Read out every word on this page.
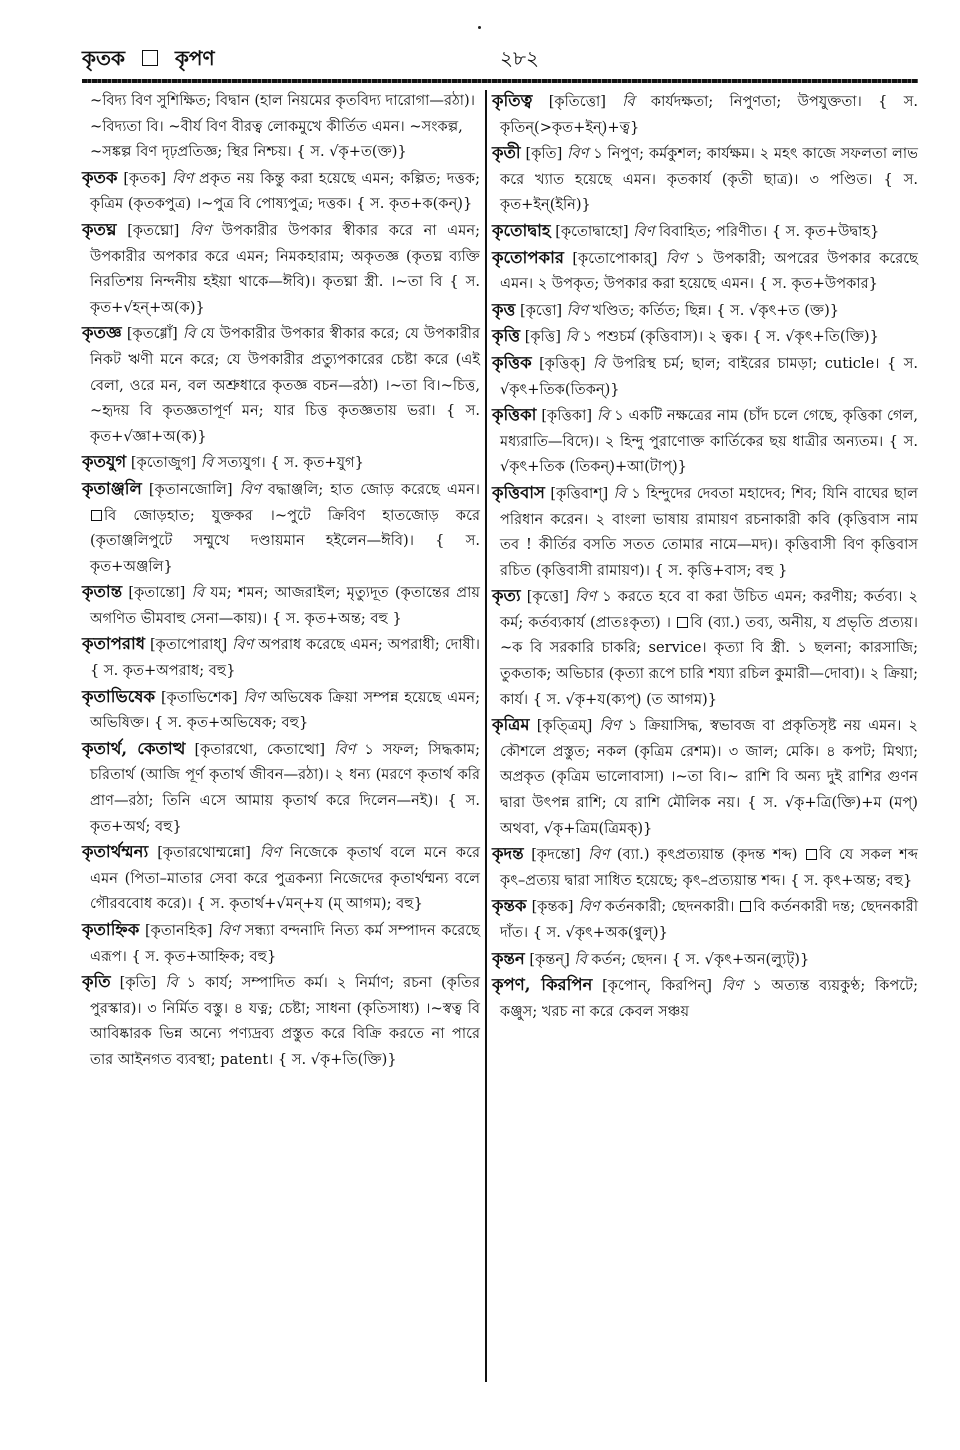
কৃতক কৃপণ	২৮২

~বিদ্য বিণ সুশিক্ষিত; বিদ্বান (হাল নিয়মের কৃতবিদ্য দারোগা—রঠা)। ~বিদ্যতা বি। ~বীর্য বিণ বীরত্ব লোকমুখে কীর্তিত এমন। ~সংকল্প, ~সঙ্কল্প বিণ দৃঢ়প্রতিজ্ঞ; স্থির নিশ্চয়। { স. √কৃ+ত(ক্ত)}

কৃতক [কৃতক] বিণ প্রকৃত নয় কিন্তু করা হয়েছে এমন; কল্পিত; দত্তক; কৃত্রিম (কৃতকপুত্র) ।~পুত্র বি পোষ্যপুত্র; দত্তক। { স. কৃত+ক(কন্)}

কৃতঘ্ন [কৃতঘ্নো] বিণ উপকারীর উপকার স্বীকার করে না এমন; উপকারীর অপকার করে এমন; নিমকহারাম; অকৃতজ্ঞ (কৃতঘ্ন ব্যক্তি নিরতিশয় নিন্দনীয় হইয়া থাকে—ঈবি)। কৃতঘ্না স্ত্রী. ।~তা বি { স. কৃত+√হন্+অ(ক)}

কৃতজ্ঞ [কৃতগ্গোঁ] বি যে উপকারীর উপকার স্বীকার করে; যে উপকারীর নিকট ঋণী মনে করে; যে উপকারীর প্রত্যুপকারের চেষ্টা করে (এই বেলা, ওরে মন, বল অশ্রুধারে কৃতজ্ঞ বচন—রঠা) ।~তা বি।~চিত্ত, ~হৃদয় বি কৃতজ্ঞতাপূর্ণ মন; যার চিত্ত কৃতজ্ঞতায় ভরা। { স. কৃত+√জ্ঞা+অ(ক)}

কৃতযুগ [কৃতোজুগ] বি সত্যযুগ। { স. কৃত+যুগ}

কৃতাঞ্জলি [কৃতানজোলি] বিণ বদ্ধাঞ্জলি; হাত জোড় করেছে এমন। বি জোড়হাত; যুক্তকর ।~পুটে ক্রিবিণ হাতজোড় করে (কৃতাঞ্জলিপুটে সম্মুখে দণ্ডায়মান হইলেন—ঈবি)। { স. কৃত+অঞ্জলি}

কৃতান্ত [কৃতান্তো] বি যম; শমন; আজরাইল; মৃত্যুদূত (কৃতান্তের প্রায় অগণিত ভীমবাহু সেনা—কায়)। { স. কৃত+অন্ত; বহু }

কৃতাপরাধ [কৃতাপোরাধ্] বিণ অপরাধ করেছে এমন; অপরাধী; দোষী। { স. কৃত+অপরাধ; বহু}

কৃতাভিষেক [কৃতাভিশেক] বিণ অভিষেক ক্রিয়া সম্পন্ন হয়েছে এমন; অভিষিক্ত। { স. কৃত+অভিষেক; বহু}

কৃতার্থ, কেতাত্থ [কৃতারথো, কেতাত্থো] বিণ ১ সফল; সিদ্ধকাম; চরিতার্থ (আজি পূর্ণ কৃতার্থ জীবন—রঠা)। ২ ধন্য (মরণে কৃতার্থ করি প্রাণ—রঠা; তিনি এসে আমায় কৃতার্থ করে দিলেন—নই)। { স. কৃত+অর্থ; বহু}

কৃতার্থম্মন্য [কৃতারথোম্মন্নো] বিণ নিজেকে কৃতার্থ বলে মনে করে এমন (পিতা–মাতার সেবা করে পুত্রকন্যা নিজেদের কৃতার্থম্মন্য বলে গৌরববোধ করে)। { স. কৃতার্থ+√মন্+য (ম্ আগম); বহু}

কৃতাহ্নিক [কৃতানহিক] বিণ সন্ধ্যা বন্দনাদি নিত্য কর্ম সম্পাদন করেছে এরূপ। { স. কৃত+আহ্নিক; বহু}

কৃতি [কৃতি] বি ১ কার্য; সম্পাদিত কর্ম। ২ নির্মাণ; রচনা (কৃতির পুরস্কার)। ৩ নির্মিত বস্তু। ৪ যত্ন; চেষ্টা; সাধনা (কৃতিসাধ্য) ।~স্বত্ব বি আবিষ্কারক ভিন্ন অন্যে পণ্যদ্রব্য প্রস্তুত করে বিক্রি করতে না পারে তার আইনগত ব্যবস্থা; patent। { স. √কৃ+তি(ক্তি)}

কৃতিত্ব [কৃতিত্তো] বি কার্যদক্ষতা; নিপুণতা; উপযুক্ততা। { স. কৃতিন্(>কৃত+ইন্)+ত্ব}

কৃতী [কৃতি] বিণ ১ নিপুণ; কর্মকুশল; কার্যক্ষম। ২ মহৎ কাজে সফলতা লাভ করে খ্যাত হয়েছে এমন। কৃতকার্য (কৃতী ছাত্র)। ৩ পণ্ডিত। { স. কৃত+ইন্(ইনি)}

কৃতোদ্বাহ [কৃতোদ্বাহো] বিণ বিবাহিত; পরিণীত। { স. কৃত+উদ্বাহ}

কৃতোপকার [কৃতোপোকার্] বিণ ১ উপকারী; অপরের উপকার করেছে এমন। ২ উপকৃত; উপকার করা হয়েছে এমন। { স. কৃত+উপকার}

কৃত্ত [কৃত্তো] বিণ খণ্ডিত; কর্তিত; ছিন্ন। { স. √কৃৎ+ত (ক্ত)}

কৃত্তি [কৃত্তি] বি ১ পশুচর্ম (কৃত্তিবাস)। ২ ত্বক। { স. √কৃৎ+তি(ক্তি)}

কৃত্তিক [কৃত্তিক্] বি উপরিস্থ চর্ম; ছাল; বাইরের চামড়া; cuticle। { স. √কৃৎ+তিক(তিকন্)}

কৃত্তিকা [কৃত্তিকা] বি ১ একটি নক্ষত্রের নাম (চাঁদ চলে গেছে, কৃত্তিকা গেল, মধ্যরাতি—বিদে)। ২ হিন্দু পুরাণোক্ত কার্তিকের ছয় ধাত্রীর অন্যতম। { স. √কৃৎ+তিক (তিকন্)+আ(টাপ্)}

কৃত্তিবাস [কৃত্তিবাশ্] বি ১ হিন্দুদের দেবতা মহাদেব; শিব; যিনি বাঘের ছাল পরিধান করেন। ২ বাংলা ভাষায় রামায়ণ রচনাকারী কবি (কৃত্তিবাস নাম তব ! কীর্তির বসতি সতত তোমার নামে—মদ)। কৃত্তিবাসী বিণ কৃত্তিবাস রচিত (কৃত্তিবাসী রামায়ণ)। { স. কৃত্তি+বাস; বহু }

কৃত্য [কৃত্তো] বিণ ১ করতে হবে বা করা উচিত এমন; করণীয়; কর্তব্য। ২ কর্ম; কর্তব্যকার্য (প্রাতঃকৃত্য) । বি (ব্যা.) তব্য, অনীয়, য প্রভৃতি প্রত্যয়।~ক বি সরকারি চাকরি; service। কৃত্যা বি স্ত্রী. ১ ছলনা; কারসাজি; তুকতাক; অভিচার (কৃত্যা রূপে চারি শয্যা রচিল কুমারী—দোবা)। ২ ক্রিয়া; কার্য। { স. √কৃ+য(ক্যপ্) (ত আগম)}

কৃত্রিম [কৃত্ত্রিম্] বিণ ১ ক্রিয়াসিদ্ধ, স্বভাবজ বা প্রকৃতিসৃষ্ট নয় এমন। ২ কৌশলে প্রস্তুত; নকল (কৃত্রিম রেশম)। ৩ জাল; মেকি। ৪ কপট; মিথ্যা; অপ্রকৃত (কৃত্রিম ভালোবাসা) ।~তা বি।~ রাশি বি অন্য দুই রাশির গুণন দ্বারা উৎপন্ন রাশি; যে রাশি মৌলিক নয়। { স. √কৃ+ত্রি(ক্তি)+ম (মপ্) অথবা, √কৃ+ত্রিম(ত্রিমক্)}

কৃদন্ত [কৃদন্তো] বিণ (ব্যা.) কৃৎপ্রত্যয়ান্ত (কৃদন্ত শব্দ) বি যে সকল শব্দ কৃৎ–প্রত্যয় দ্বারা সাধিত হয়েছে; কৃৎ–প্রত্যয়ান্ত শব্দ। { স. কৃৎ+অন্ত; বহু}

কৃন্তক [কৃন্তক] বিণ কর্তনকারী; ছেদনকারী। বি কর্তনকারী দন্ত; ছেদনকারী দাঁত। { স. √কৃৎ+অক(ণ্বুল্)}

কৃন্তন [কৃন্তন্] বি কর্তন; ছেদন। { স. √কৃৎ+অন(ল্যুট্)}

কৃপণ, কিরপিন [কৃপোন্, কিরপিন্] বিণ ১ অত্যন্ত ব্যয়কুণ্ঠ; কিপটে; কঞ্জুস; খরচ না করে কেবল সঞ্চয়
